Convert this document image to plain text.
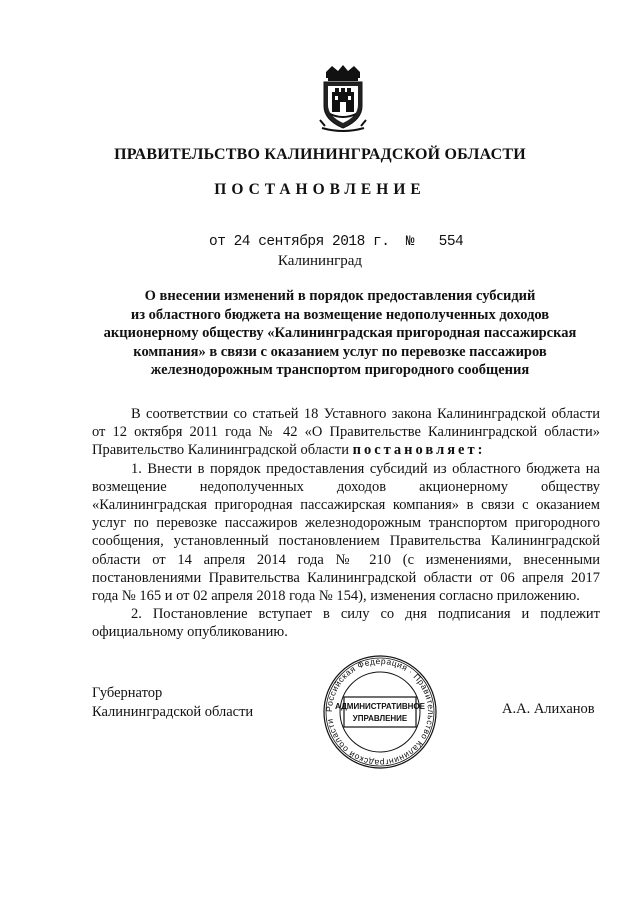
ПРАВИТЕЛЬСТВО КАЛИНИНГРАДСКОЙ ОБЛАСТИ
ПОСТАНОВЛЕНИЕ
от 24 сентября 2018 г.  №   554
Калининград
О внесении изменений в порядок предоставления субсидий
из областного бюджета на возмещение недополученных доходов
акционерному обществу «Калининградская пригородная пассажирская
компания» в связи с оказанием услуг по перевозке пассажиров
железнодорожным транспортом пригородного сообщения

В соответствии со статьей 18 Уставного закона Калининградской области от 12 октября 2011 года № 42 «О Правительстве Калининградской области» Правительство Калининградской области постановляет:

1. Внести в порядок предоставления субсидий из областного бюджета на возмещение недополученных доходов акционерному обществу «Калининградская пригородная пассажирская компания» в связи с оказанием услуг по перевозке пассажиров железнодорожным транспортом пригородного сообщения, установленный постановлением Правительства Калининградской области от 14 апреля 2014 года № 210 (с изменениями, внесенными постановлениями Правительства Калининградской области от 06 апреля 2017 года № 165 и от 02 апреля 2018 года № 154), изменения согласно приложению.

2. Постановление вступает в силу со дня подписания и подлежит официальному опубликованию.

Губернатор
Калининградской области	Российская Федерация · Правительство Калининградской области
АДМИНИСТРАТИВНОЕ
УПРАВЛЕНИЕ
А.А. Алиханов
